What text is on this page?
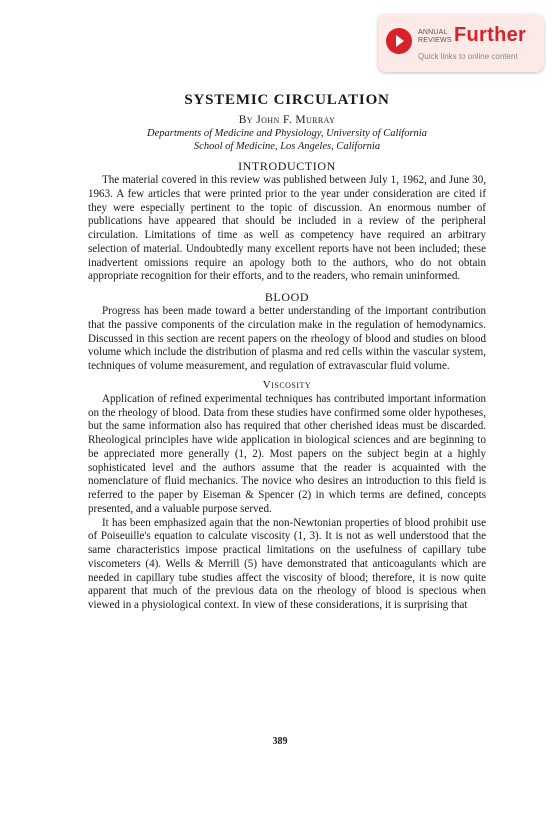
ANNUAL
REVIEWS Further
Quick links to online content
SYSTEMIC CIRCULATION
By John F. Murray
Departments of Medicine and Physiology, University of California
School of Medicine, Los Angeles, California
INTRODUCTION

The material covered in this review was published between July 1, 1962, and June 30, 1963. A few articles that were printed prior to the year under consideration are cited if they were especially pertinent to the topic of discussion. An enormous number of publications have appeared that should be included in a review of the peripheral circulation. Limitations of time as well as competency have required an arbitrary selection of material. Undoubtedly many excellent reports have not been included; these inadvertent omissions require an apology both to the authors, who do not obtain appropriate recognition for their efforts, and to the readers, who remain uninformed.

BLOOD

Progress has been made toward a better understanding of the important contribution that the passive components of the circulation make in the regulation of hemodynamics. Discussed in this section are recent papers on the rheology of blood and studies on blood volume which include the distribution of plasma and red cells within the vascular system, techniques of volume measurement, and regulation of extravascular fluid volume.

Viscosity

Application of refined experimental techniques has contributed important information on the rheology of blood. Data from these studies have confirmed some older hypotheses, but the same information also has required that other cherished ideas must be discarded. Rheological principles have wide application in biological sciences and are beginning to be appreciated more generally (1, 2). Most papers on the subject begin at a highly sophisticated level and the authors assume that the reader is acquainted with the nomenclature of fluid mechanics. The novice who desires an introduction to this field is referred to the paper by Eiseman & Spencer (2) in which terms are defined, concepts presented, and a valuable purpose served.

It has been emphasized again that the non-Newtonian properties of blood prohibit use of Poiseuille's equation to calculate viscosity (1, 3). It is not as well understood that the same characteristics impose practical limitations on the usefulness of capillary tube viscometers (4). Wells & Merrill (5) have demonstrated that anticoagulants which are needed in capillary tube studies affect the viscosity of blood; therefore, it is now quite apparent that much of the previous data on the rheology of blood is specious when viewed in a physiological context. In view of these considerations, it is surprising that

389
